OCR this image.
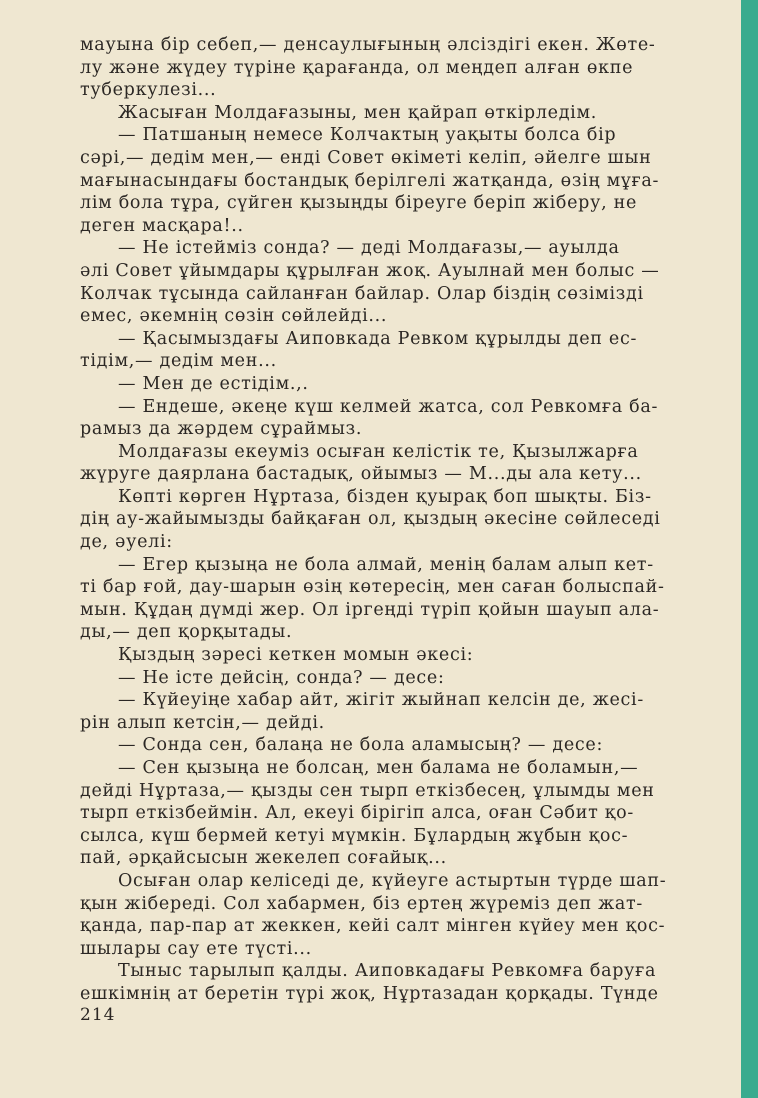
мауына бір себеп,— денсаулығының әлсіздігі екен. Жөте-
лу және жүдеу түріне қарағанда, ол меңдеп алған өкпе
туберкулезі...
Жасыған Молдағазыны, мен қайрап өткірледім.
— Патшаның немесе Колчактың уақыты болса бір
сәрі,— дедім мен,— енді Совет өкіметі келіп, әйелге шын
мағынасындағы бостандық берілгелі жатқанда, өзің мұға-
лім бола тұра, сүйген қызыңды біреуге беріп жіберу, не
деген масқара!..
— Не істейміз сонда? — деді Молдағазы,— ауылда
әлі Совет ұйымдары құрылған жоқ. Ауылнай мен болыс —
Колчак тұсында сайланған байлар. Олар біздің сөзімізді
емес, әкемнің сөзін сөйлейді...
— Қасымыздағы Аиповкада Ревком құрылды деп ес-
тідім,— дедім мен...
— Мен де естідім.,.
— Ендеше, әкеңе күш келмей жатса, сол Ревкомға ба-
рамыз да жәрдем сұраймыз.
Молдағазы екеуміз осыған келістік те, Қызылжарға
жүруге даярлана бастадық, ойымыз — М...ды ала кету...
Көпті көрген Нұртаза, бізден қуырақ боп шықты. Біз-
дің ау-жайымызды байқаған ол, қыздың әкесіне сөйлеседі
де, әуелі:
— Егер қызыңа не бола алмай, менің балам алып кет-
ті бар ғой, дау-шарын өзің көтересің, мен саған болыспай-
мын. Құдаң дүмді жер. Ол іргеңді түріп қойын шауып ала-
ды,— деп қорқытады.
Қыздың зәресі кеткен момын әкесі:
— Не істе дейсің, сонда? — десе:
— Күйеуіңе хабар айт, жігіт жыйнап келсін де, жесі-
рін алып кетсін,— дейді.
— Сонда сен, балаңа не бола аламысың? — десе:
— Сен қызыңа не болсаң, мен балама не боламын,—
дейді Нұртаза,— қызды сен тырп еткізбесең, ұлымды мен
тырп еткізбеймін. Ал, екеуі бірігіп алса, оған Сәбит қо-
сылса, күш бермей кетуі мүмкін. Бұлардың жұбын қос-
пай, әрқайсысын жекелеп соғайық...
Осыған олар келіседі де, күйеуге астыртын түрде шап-
қын жібереді. Сол хабармен, біз ертең жүреміз деп жат-
қанда, пар-пар ат жеккен, кейі салт мінген күйеу мен қос-
шылары сау ете түсті...
Тыныс тарылып қалды. Аиповкадағы Ревкомға баруға
ешкімнің ат беретін түрі жоқ, Нұртазадан қорқады. Түнде
214
